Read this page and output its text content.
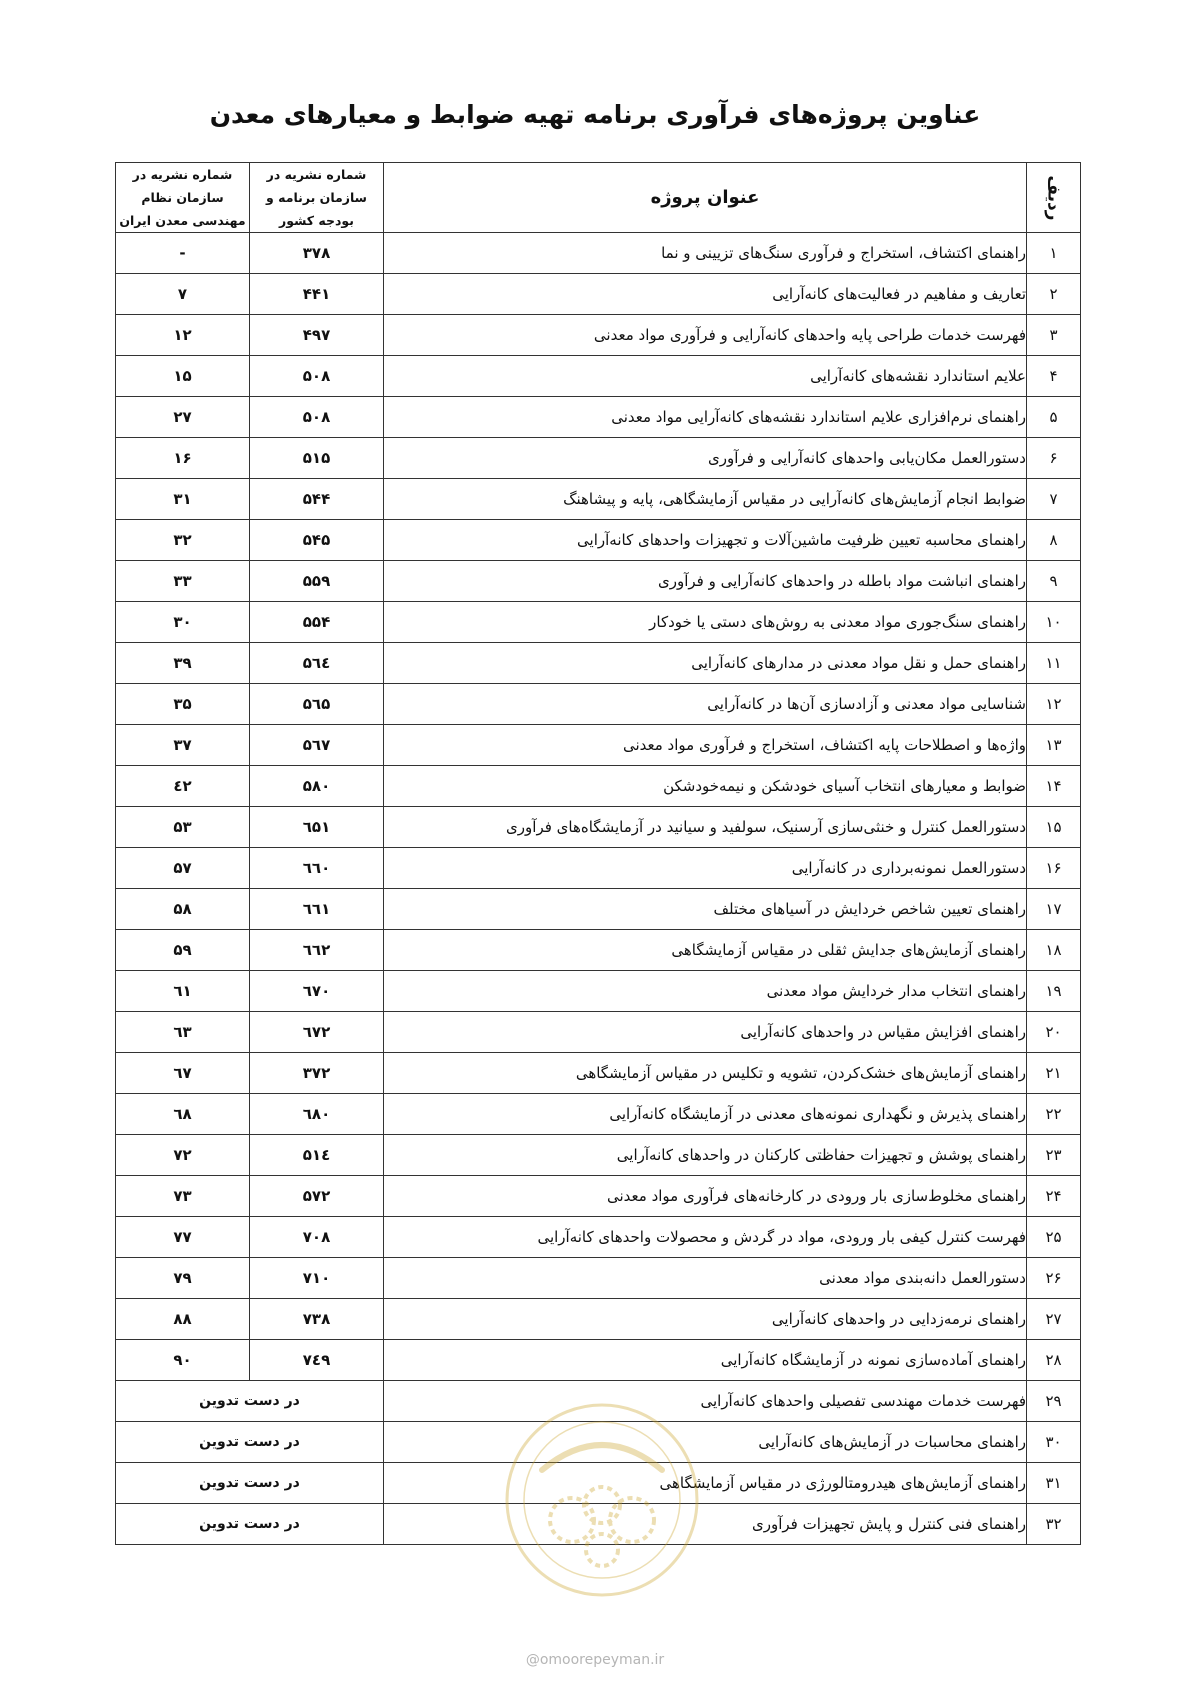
عناوین پروژه‌های فرآوری برنامه تهیه ضوابط و معیارهای معدن
ردیف	عنوان پروژه	شماره نشریه در سازمان برنامه و بودجه کشور	شماره نشریه در سازمان نظام مهندسی معدن ایران
۱	راهنمای اکتشاف، استخراج و فرآوری سنگ‌های تزیینی و نما	۳۷۸	-
۲	تعاریف و مفاهیم در فعالیت‌های کانه‌آرایی	۴۴۱	۷
۳	فهرست خدمات طراحی پایه واحدهای کانه‌آرایی و فرآوری مواد معدنی	۴۹۷	۱۲
۴	علایم استاندارد نقشه‌های کانه‌آرایی	۵۰۸	۱۵
۵	راهنمای نرم‌افزاری علایم استاندارد نقشه‌های کانه‌آرایی مواد معدنی	۵۰۸	۲۷
۶	دستورالعمل مکان‌یابی واحدهای کانه‌آرایی و فرآوری	۵۱۵	۱۶
۷	ضوابط انجام آزمایش‌های کانه‌آرایی در مقیاس آزمایشگاهی، پایه و پیشاهنگ	۵۴۴	۳۱
۸	راهنمای محاسبه تعیین ظرفیت ماشین‌آلات و تجهیزات واحدهای کانه‌آرایی	۵۴۵	۳۲
۹	راهنمای انباشت مواد باطله در واحدهای کانه‌آرایی و فرآوری	۵۵۹	۳۳
۱۰	راهنمای سنگ‌جوری مواد معدنی به روش‌های دستی یا خودکار	۵۵۴	۳۰
۱۱	راهنمای حمل و نقل مواد معدنی در مدارهای کانه‌آرایی	۵٦٤	۳۹
۱۲	شناسایی مواد معدنی و آزادسازی آن‌ها در کانه‌آرایی	۵٦۵	۳۵
۱۳	واژه‌ها و اصطلاحات پایه اکتشاف، استخراج و فرآوری مواد معدنی	۵٦۷	۳۷
۱۴	ضوابط و معیارهای انتخاب آسیای خودشکن و نیمه‌خودشکن	۵۸۰	٤۲
۱۵	دستورالعمل کنترل و خنثی‌سازی آرسنیک، سولفید و سیانید در آزمایشگاه‌های فرآوری	٦۵۱	۵۳
۱۶	دستورالعمل نمونه‌برداری در کانه‌آرایی	٦٦۰	۵۷
۱۷	راهنمای تعیین شاخص خردایش در آسیاهای مختلف	٦٦۱	۵۸
۱۸	راهنمای آزمایش‌های جدایش ثقلی در مقیاس آزمایشگاهی	٦٦۲	۵۹
۱۹	راهنمای انتخاب مدار خردایش مواد معدنی	٦۷۰	٦۱
۲۰	راهنمای افزایش مقیاس در واحدهای کانه‌آرایی	٦۷۲	٦۳
۲۱	راهنمای آزمایش‌های خشک‌کردن، تشویه و تکلیس در مقیاس آزمایشگاهی	۳۷۲	٦۷
۲۲	راهنمای پذیرش و نگهداری نمونه‌های معدنی در آزمایشگاه کانه‌آرایی	٦۸۰	٦۸
۲۳	راهنمای پوشش و تجهیزات حفاظتی کارکنان در واحدهای کانه‌آرایی	۵۱٤	۷۲
۲۴	راهنمای مخلوط‌سازی بار ورودی در کارخانه‌های فرآوری مواد معدنی	۵۷۲	۷۳
۲۵	فهرست کنترل کیفی بار ورودی، مواد در گردش و محصولات واحدهای کانه‌آرایی	۷۰۸	۷۷
۲۶	دستورالعمل دانه‌بندی مواد معدنی	۷۱۰	۷۹
۲۷	راهنمای نرمه‌زدایی در واحدهای کانه‌آرایی	۷۳۸	۸۸
۲۸	راهنمای آماده‌سازی نمونه در آزمایشگاه کانه‌آرایی	۷٤۹	۹۰
۲۹	فهرست خدمات مهندسی تفصیلی واحدهای کانه‌آرایی	در دست تدوین	
۳۰	راهنمای محاسبات در آزمایش‌های کانه‌آرایی	در دست تدوین	
۳۱	راهنمای آزمایش‌های هیدرومتالورژی در مقیاس آزمایشگاهی	در دست تدوین	
۳۲	راهنمای فنی کنترل و پایش تجهیزات فرآوری	در دست تدوین	
@omoorepeyman.ir
